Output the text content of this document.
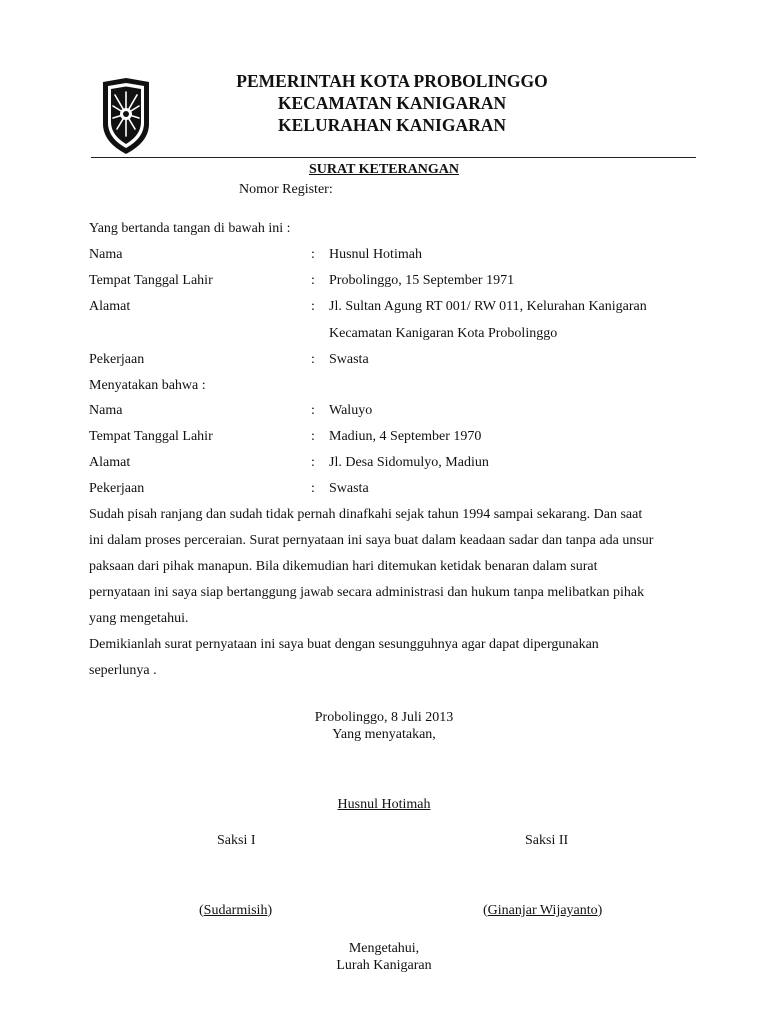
PEMERINTAH KOTA PROBOLINGGO
KECAMATAN KANIGARAN
KELURAHAN KANIGARAN
SURAT KETERANGAN
Nomor Register:
Yang bertanda tangan di bawah ini :
Nama	: Husnul Hotimah
Tempat Tanggal Lahir	: Probolinggo, 15 September 1971
Alamat	: Jl. Sultan Agung RT 001/ RW 011, Kelurahan Kanigaran
Kecamatan Kanigaran Kota Probolinggo
Pekerjaan	: Swasta
Menyatakan bahwa :
Nama	: Waluyo
Tempat Tanggal Lahir	: Madiun, 4 September 1970
Alamat	: Jl. Desa Sidomulyo, Madiun
Pekerjaan	: Swasta
Sudah pisah ranjang dan sudah tidak pernah dinafkahi sejak tahun 1994 sampai sekarang. Dan saat
ini dalam proses perceraian. Surat pernyataan ini saya buat dalam keadaan sadar dan tanpa ada unsur
paksaan dari pihak manapun. Bila dikemudian hari ditemukan ketidak benaran dalam surat
pernyataan ini saya siap bertanggung jawab secara administrasi dan hukum tanpa melibatkan pihak
yang mengetahui.
Demikianlah surat pernyataan ini saya buat dengan sesungguhnya agar dapat dipergunakan
seperlunya .
Probolinggo, 8 Juli 2013
Yang menyatakan,
Husnul Hotimah
Saksi I	Saksi II
(Sudarmisih)	(Ginanjar Wijayanto)
Mengetahui,
Lurah Kanigaran
